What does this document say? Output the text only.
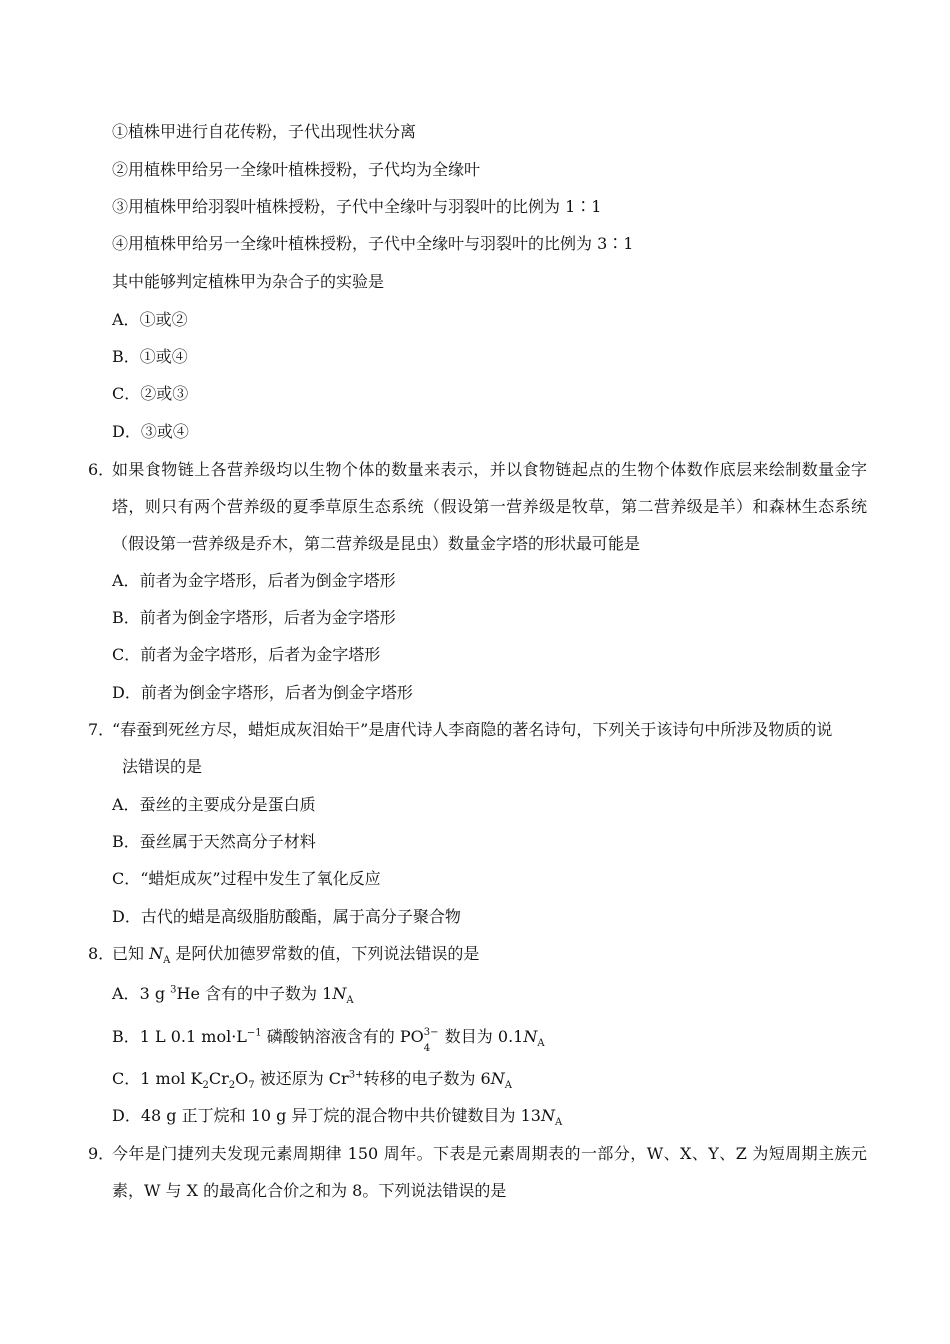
①植株甲进行自花传粉，子代出现性状分离
②用植株甲给另一全缘叶植株授粉，子代均为全缘叶
③用植株甲给羽裂叶植株授粉，子代中全缘叶与羽裂叶的比例为 1∶1
④用植株甲给另一全缘叶植株授粉，子代中全缘叶与羽裂叶的比例为 3∶1
其中能够判定植株甲为杂合子的实验是
A．①或②
B．①或④
C．②或③
D．③或④
6．
如果食物链上各营养级均以生物个体的数量来表示，并以食物链起点的生物个体数作底层来绘制数量金字塔，则只有两个营养级的夏季草原生态系统（假设第一营养级是牧草，第二营养级是羊）和森林生态系统（假设第一营养级是乔木，第二营养级是昆虫）数量金字塔的形状最可能是
A．前者为金字塔形，后者为倒金字塔形
B．前者为倒金字塔形，后者为金字塔形
C．前者为金字塔形，后者为金字塔形
D．前者为倒金字塔形，后者为倒金字塔形
7．
“春蚕到死丝方尽，蜡炬成灰泪始干”是唐代诗人李商隐的著名诗句，下列关于该诗句中所涉及物质的说
法错误的是
A．蚕丝的主要成分是蛋白质
B．蚕丝属于天然高分子材料
C．“蜡炬成灰”过程中发生了氧化反应
D．古代的蜡是高级脂肪酸酯，属于高分子聚合物
8．
已知 $N_A$ 是阿伏加德罗常数的值，下列说法错误的是
A．3 g $^3$He 含有的中子数为 $1N_A$
B．1 L 0.1 $mol\cdot L^{-1}$ 磷酸钠溶液含有的 PO 3−
4
数目为 $0.1N_A$
C．1 mol $K_2Cr_2O_7$ 被还原为 $Cr^{3+}$转移的电子数为 $6N_A$
D．48 g 正丁烷和 10 g 异丁烷的混合物中共价键数目为 $13N_A$
9．
今年是门捷列夫发现元素周期律 150 周年。下表是元素周期表的一部分，W、X、Y、Z 为短周期主族元素，W 与 X 的最高化合价之和为 8。下列说法错误的是
